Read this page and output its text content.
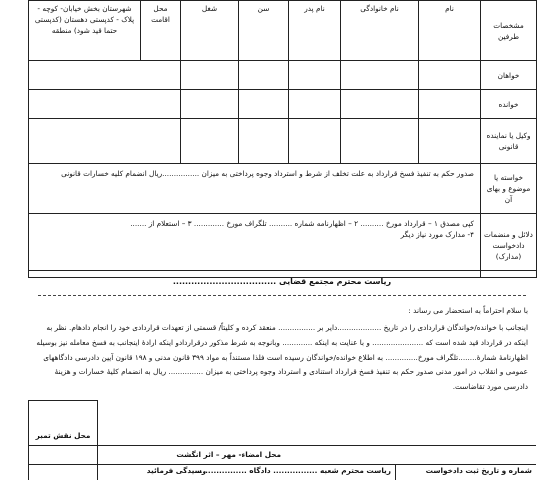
مشخصات طرفین	نام	نام خانوادگی	نام پدر	سن	شغل	محل اقامت	شهرستان بخش خیابان- کوچه - پلاک - کدپستی دهستان (کدپستی حتما قید شود) منطقه
خواهان							
خوانده							
وکیل یا نماینده قانونی							
خواسته یا موضوع و بهای آن	صدور حکم به تنفیذ فسخ قرارداد به علت تخلف از شرط و استرداد وجوه پرداختی به میزان ................ریال انضمام کلیه خسارات قانونی						
دلائل و منضمات دادخواست (مدارک)	کپی مصدق ۱ – قرارداد مورخ .......... ۲ – اظهارنامه شماره .......... تلگراف مورخ ............. ۳ – استعلام از .......
۴- مدارک مورد نیاز دیگر						
ریاست محترم مجتمع قضایی ..................................
با سلام احتراماً به استحضار می رساند :
اینجانب با خوانده/خواندگان قراردادی را در تاریخ ...................دایر بر ................ منعقد کرده و کلیتاً/ قسمتی از تعهدات قراردادی خود را انجام دادهام. نظر به اینکه در قرارداد قید شده است که ...................... و با عنایت به اینکه ............. وبانوجه به شرط مذکور درقراردادو اینکه ارادهٔ اینجانب به فسخ معامله نیز بوسیله اظهارنامهٔ شمارهٔ........تلگراف مورخ.............. به اطلاع خوانده/خواندگان رسیده است فلذا مستنداً به مواد ۳۹۹ قانون مدنی و ۱۹۸ قانون آیین دادرسی دادگاههای عمومی و انقلاب در امور مدنی صدور حکم به تنفیذ فسخ قرارداد استنادی و استرداد وجوه پرداختی به میزان ............... ریال به انضمام کلیهٔ خسارات و هزینهٔ دادرسی مورد تقاضاست.
محل نقش تمبر
محل امضاء- مهر – اثر انگشت
شماره و تاریخ ثبت دادخواست
ریاست محترم شعبه ................ دادگاه ..................
رسیدگی فرمائید
